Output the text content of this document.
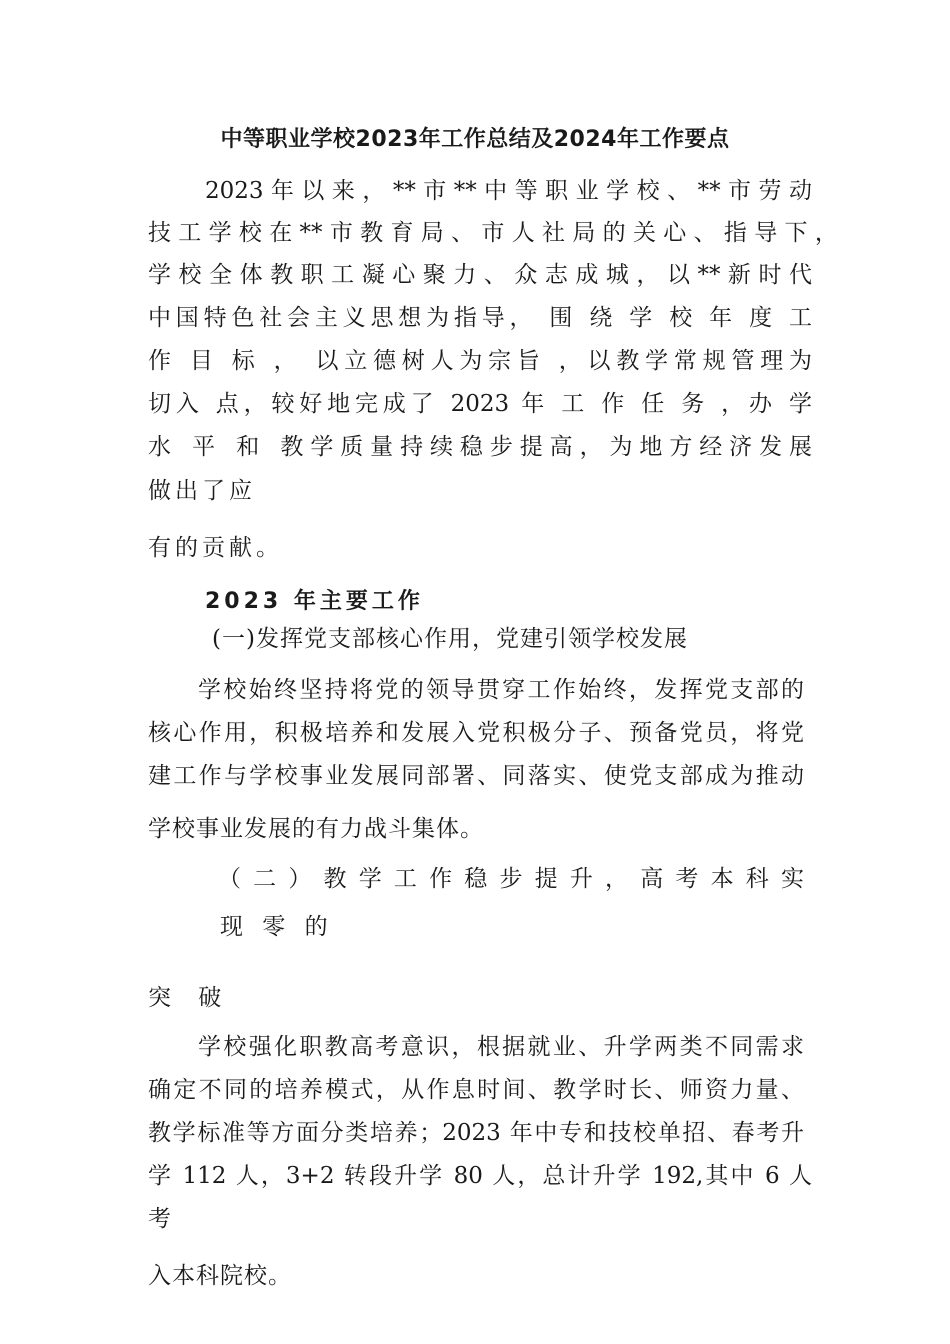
中等职业学校2023年工作总结及2024年工作要点
2023 年 以 来 ， ** 市 ** 中 等 职 业 学 校 、 ** 市 劳 动
技 工 学 校 在 ** 市 教 育 局 、 市 人 社 局 的 关 心 、 指 导 下 ，
学 校 全 体 教 职 工 凝 心 聚 力 、 众 志 成 城 ， 以 ** 新 时 代
中国特色社会主义思想为指导， 围 绕 学 校 年 度 工
作 目 标 ， 以立德树人为宗旨 ，以教学常规管理为
切入 点，较好地完成了 2023 年 工 作 任 务 ，办 学
水 平 和 教学质量持续稳步提高，为地方经济发展
做出了应
有的贡献。
2023 年主要工作
(一)发挥党支部核心作用，党建引领学校发展
学校始终坚持将党的领导贯穿工作始终，发挥党支部的
核心作用，积极培养和发展入党积极分子、预备党员，将党
建工作与学校事业发展同部署、同落实、使党支部成为推动
学校事业发展的有力战斗集体。
（ 二 ） 教 学 工 作 稳 步 提 升 ， 高 考 本 科 实
现 零 的
突 破
学校强化职教高考意识，根据就业、升学两类不同需求
确定不同的培养模式，从作息时间、教学时长、师资力量、
教学标准等方面分类培养；2023 年中专和技校单招、春考升
学 112 人，3+2 转段升学 80 人，总计升学 192,其中 6 人
考
入本科院校。
